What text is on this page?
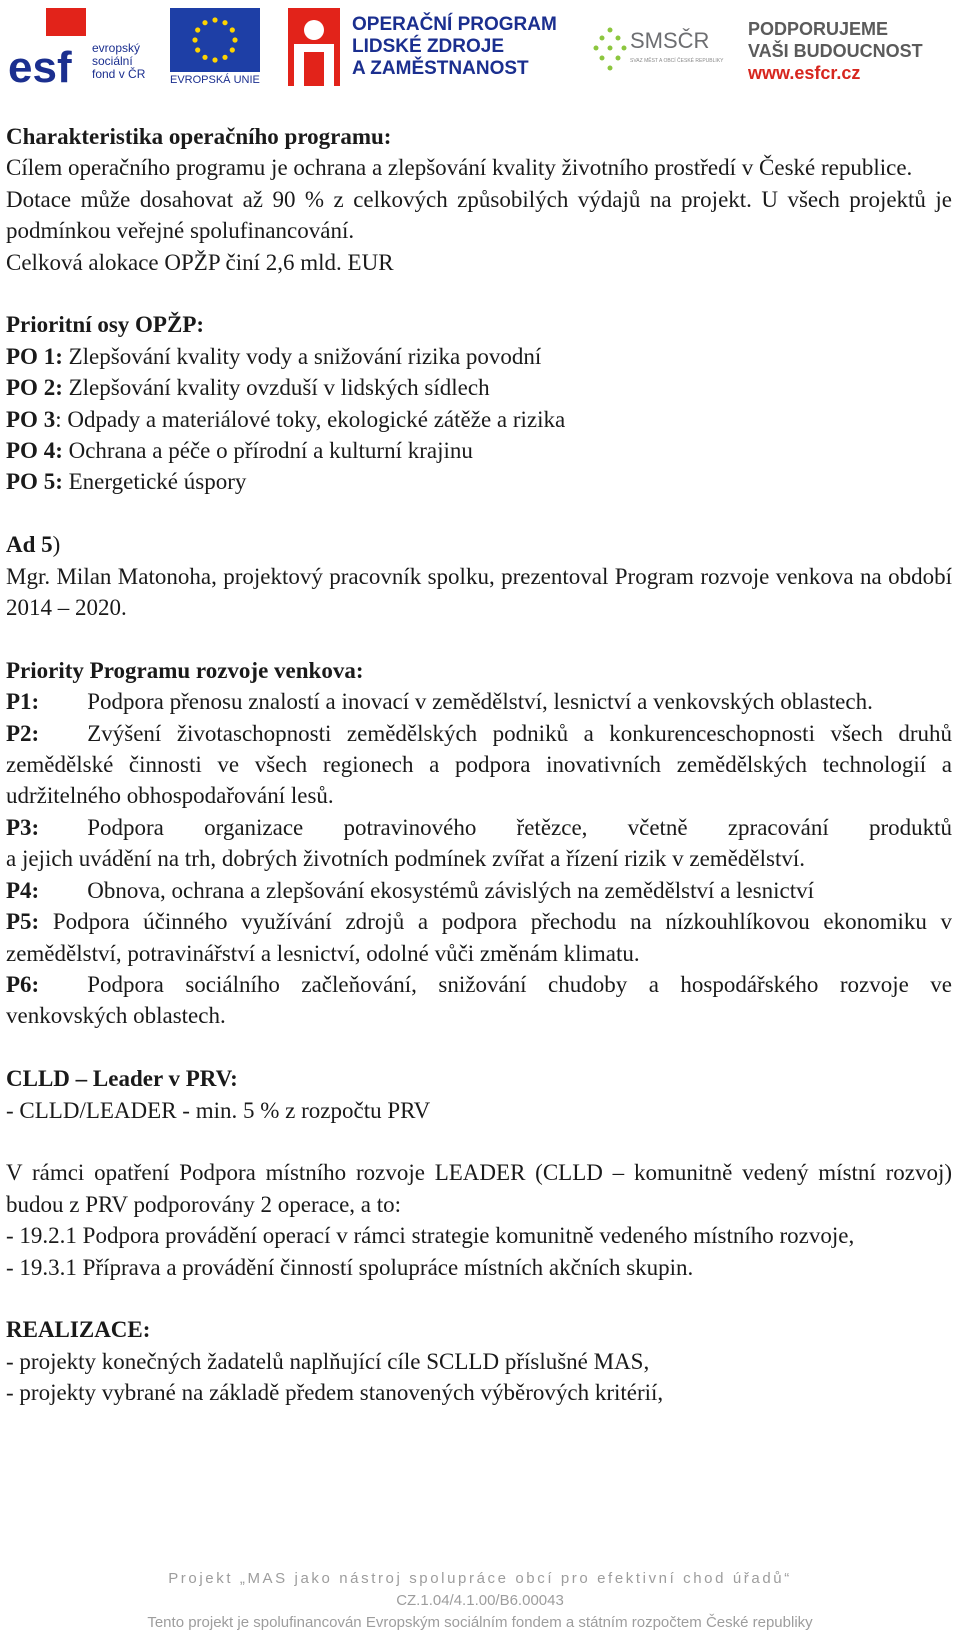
esf evropský
sociální
fond v ČR EVROPSKÁ UNIE
OPERAČNÍ PROGRAM
LIDSKÉ ZDROJE
A ZAMĚSTNANOST
SMSČR
SVAZ MĚST A OBCÍ ČESKÉ REPUBLIKY
PODPORUJEME
VAŠI BUDOUCNOST
www.esfcr.cz

Charakteristika operačního programu:

Cílem operačního programu je ochrana a zlepšování kvality životního prostředí v České republice.

Dotace může dosahovat až 90 % z celkových způsobilých výdajů na projekt. U všech projektů je podmínkou veřejné spolufinancování.

Celková alokace OPŽP činí 2,6 mld. EUR

Prioritní osy OPŽP:

PO 1: Zlepšování kvality vody a snižování rizika povodní

PO 2: Zlepšování kvality ovzduší v lidských sídlech

PO 3: Odpady a materiálové toky, ekologické zátěže a rizika

PO 4: Ochrana a péče o přírodní a kulturní krajinu

PO 5: Energetické úspory

Ad 5)

Mgr. Milan Matonoha, projektový pracovník spolku, prezentoval Program rozvoje venkova na období 2014 – 2020.

Priority Programu rozvoje venkova:

P1: Podpora přenosu znalostí a inovací v zemědělství, lesnictví a venkovských oblastech.

P2: Zvýšení životaschopnosti zemědělských podniků a konkurenceschopnosti všech druhů zemědělské činnosti ve všech regionech a podpora inovativních zemědělských technologií a udržitelného obhospodařování lesů.

P3: Podpora organizace potravinového řetězce, včetně zpracování produktů

a jejich uvádění na trh, dobrých životních podmínek zvířat a řízení rizik v zemědělství.

P4: Obnova, ochrana a zlepšování ekosystémů závislých na zemědělství a lesnictví

P5: Podpora účinného využívání zdrojů a podpora přechodu na nízkouhlíkovou ekonomiku v zemědělství, potravinářství a lesnictví, odolné vůči změnám klimatu.

P6: Podpora sociálního začleňování, snižování chudoby a hospodářského rozvoje ve venkovských oblastech.

CLLD – Leader v PRV:

- CLLD/LEADER - min. 5 % z rozpočtu PRV

V rámci opatření Podpora místního rozvoje LEADER (CLLD – komunitně vedený místní rozvoj) budou z PRV podporovány 2 operace, a to:

- 19.2.1 Podpora provádění operací v rámci strategie komunitně vedeného místního rozvoje,

- 19.3.1 Příprava a provádění činností spolupráce místních akčních skupin.

REALIZACE:

- projekty konečných žadatelů naplňující cíle SCLLD příslušné MAS,

- projekty vybrané na základě předem stanovených výběrových kritérií,

Projekt „MAS jako nástroj spolupráce obcí pro efektivní chod úřadů“
CZ.1.04/4.1.00/B6.00043
Tento projekt je spolufinancován Evropským sociálním fondem a státním rozpočtem České republiky
